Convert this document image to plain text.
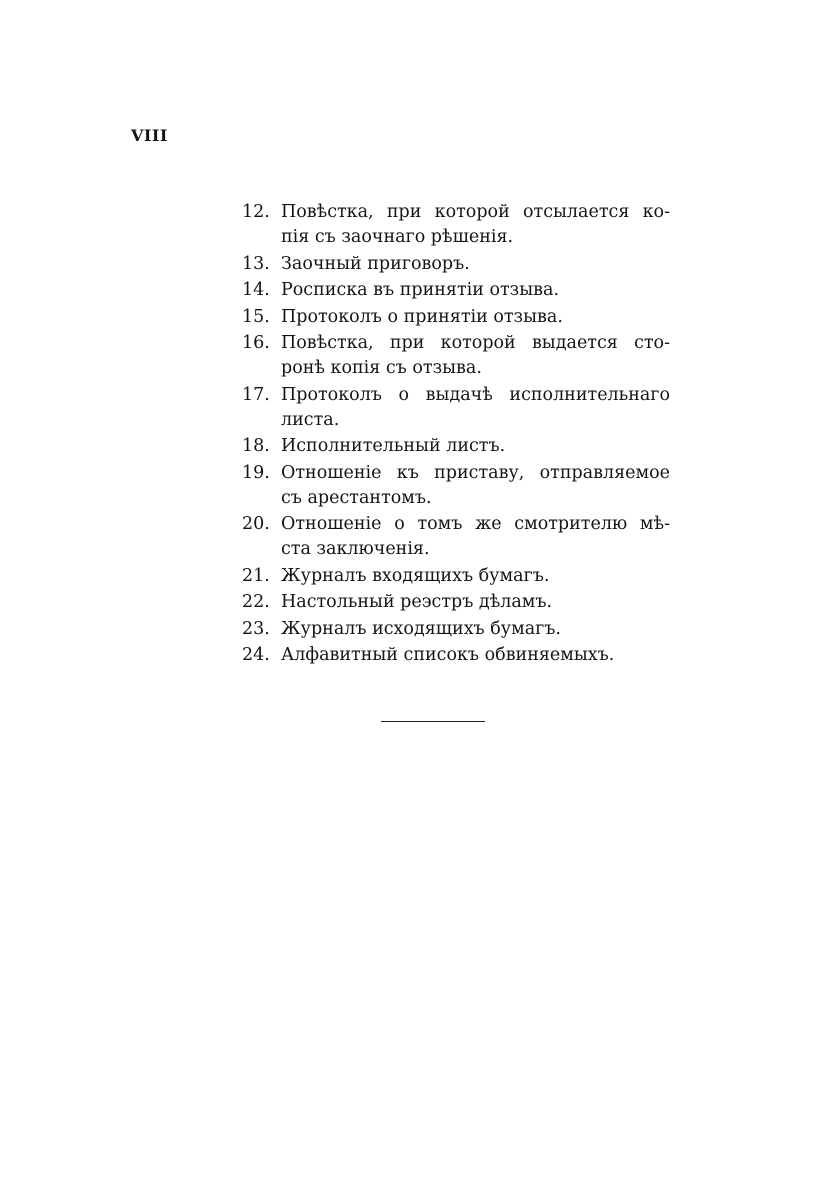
VIII
12. Повѣстка, при которой отсылается ко-
пія съ заочнаго рѣшенія.
13. Заочный приговоръ.
14. Росписка въ принятіи отзыва.
15. Протоколъ о принятіи отзыва.
16. Повѣстка, при которой выдается сто-
ронѣ копія съ отзыва.
17. Протоколъ о выдачѣ исполнительнаго
листа.
18. Исполнительный листъ.
19. Отношеніе къ приставу, отправляемое
съ арестантомъ.
20. Отношеніе о томъ же смотрителю мѣ-
ста заключенія.
21. Журналъ входящихъ бумагъ.
22. Настольный реэстръ дѣламъ.
23. Журналъ исходящихъ бумагъ.
24. Алфавитный списокъ обвиняемыхъ.
